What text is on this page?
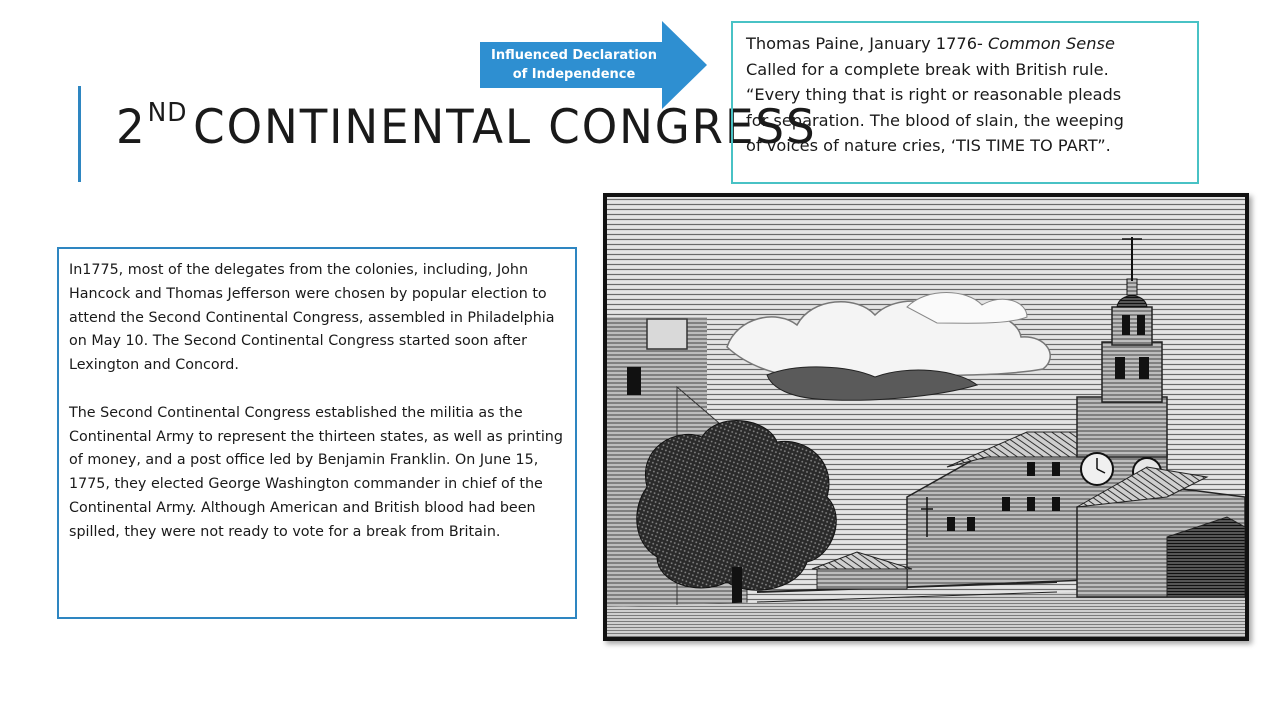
2ND CONTINENTAL CONGRESS
Influenced Declaration
of Independence
Thomas Paine, January 1776- Common Sense
Called for a complete break with British rule.
“Every thing that is right or reasonable pleads
for separation. The blood of slain, the weeping
of voices of nature cries, ‘TIS TIME TO PART”.

In1775, most of the delegates from the colonies, including, John Hancock and Thomas Jefferson were chosen by popular election to attend the Second Continental Congress, assembled in Philadelphia on May 10. The Second Continental Congress started soon after Lexington and Concord.

The Second Continental Congress established the militia as the Continental Army to represent the thirteen states, as well as printing of money, and a post office led by Benjamin Franklin. On June 15, 1775, they elected George Washington commander in chief of the Continental Army. Although American and British blood had been spilled, they were not ready to vote for a break from Britain.
